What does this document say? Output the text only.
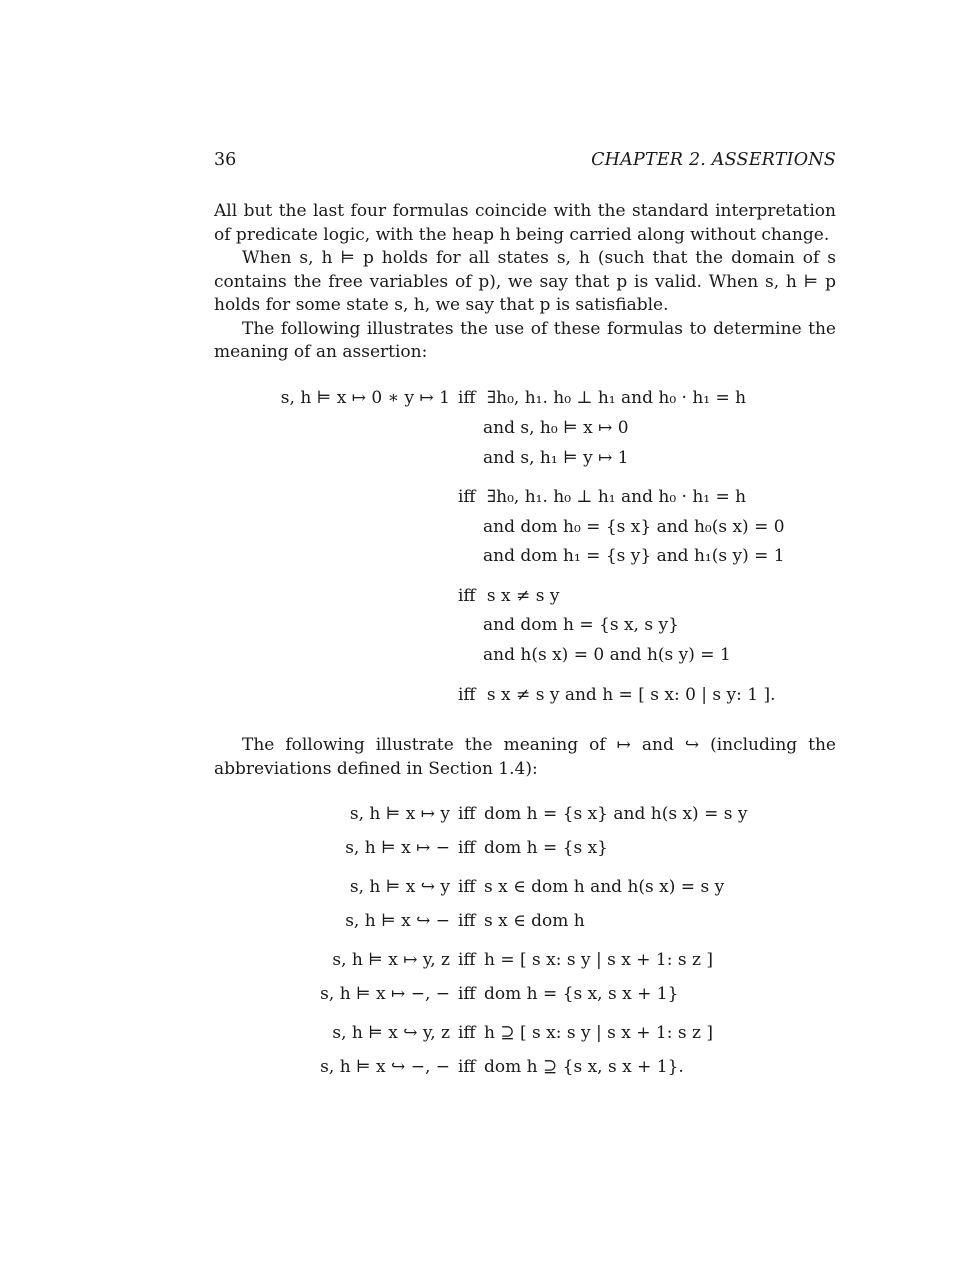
36	CHAPTER 2. ASSERTIONS

All but the last four formulas coincide with the standard interpretation of predicate logic, with the heap h being carried along without change.

When s, h ⊨ p holds for all states s, h (such that the domain of s contains the free variables of p), we say that p is valid. When s, h ⊨ p holds for some state s, h, we say that p is satisfiable.

The following illustrates the use of these formulas to determine the meaning of an assertion:

s, h ⊨ x ↦ 0 ∗ y ↦ 1 iff ∃h₀, h₁. h₀ ⊥ h₁ and h₀ · h₁ = h
and s, h₀ ⊨ x ↦ 0
and s, h₁ ⊨ y ↦ 1
iff ∃h₀, h₁. h₀ ⊥ h₁ and h₀ · h₁ = h
and dom h₀ = {s x} and h₀(s x) = 0
and dom h₁ = {s y} and h₁(s y) = 1
iff s x ≠ s y
and dom h = {s x, s y}
and h(s x) = 0 and h(s y) = 1
iff s x ≠ s y and h = [ s x: 0 | s y: 1 ].

The following illustrate the meaning of ↦ and ↪ (including the abbreviations defined in Section 1.4):

s, h ⊨ x ↦ y iff dom h = {s x} and h(s x) = s y
s, h ⊨ x ↦ − iff dom h = {s x}
s, h ⊨ x ↪ y iff s x ∈ dom h and h(s x) = s y
s, h ⊨ x ↪ − iff s x ∈ dom h
s, h ⊨ x ↦ y, z iff h = [ s x: s y | s x + 1: s z ]
s, h ⊨ x ↦ −, − iff dom h = {s x, s x + 1}
s, h ⊨ x ↪ y, z iff h ⊇ [ s x: s y | s x + 1: s z ]
s, h ⊨ x ↪ −, − iff dom h ⊇ {s x, s x + 1}.
